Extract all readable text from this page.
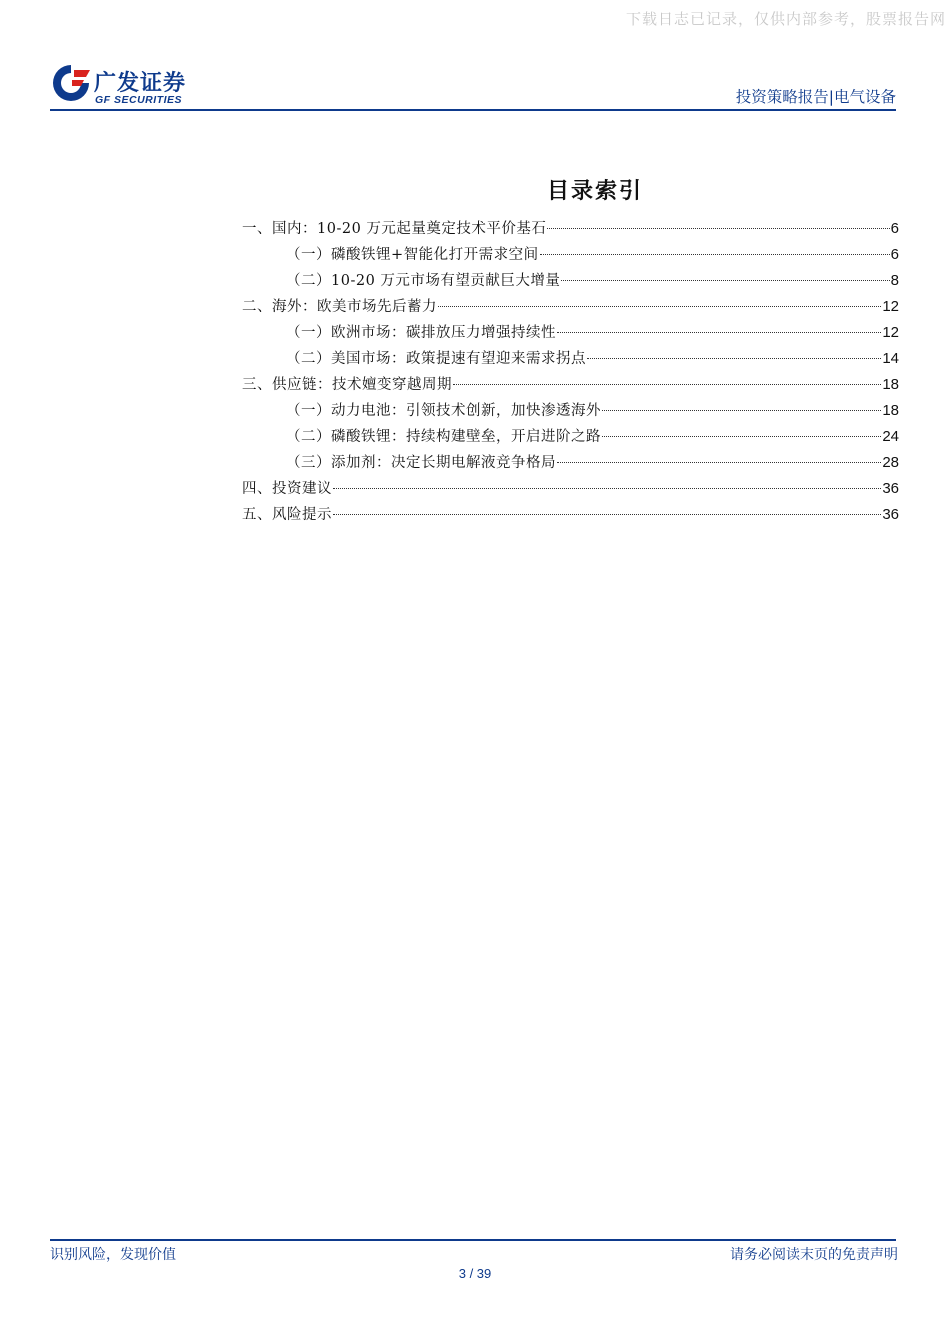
下载日志已记录，仅供内部参考，股票报告网
广发证券
GF SECURITIES	投资策略报告|电气设备
目录索引
一、国内：10-20 万元起量奠定技术平价基石	6
（一）磷酸铁锂+智能化打开需求空间	6
（二）10-20 万元市场有望贡献巨大增量	8
二、海外：欧美市场先后蓄力	12
（一）欧洲市场：碳排放压力增强持续性	12
（二）美国市场：政策提速有望迎来需求拐点	14
三、供应链：技术嬗变穿越周期	18
（一）动力电池：引领技术创新，加快渗透海外	18
（二）磷酸铁锂：持续构建壁垒，开启进阶之路	24
（三）添加剂：决定长期电解液竞争格局	28
四、投资建议	36
五、风险提示	36
识别风险，发现价值	请务必阅读末页的免责声明
3 / 39
